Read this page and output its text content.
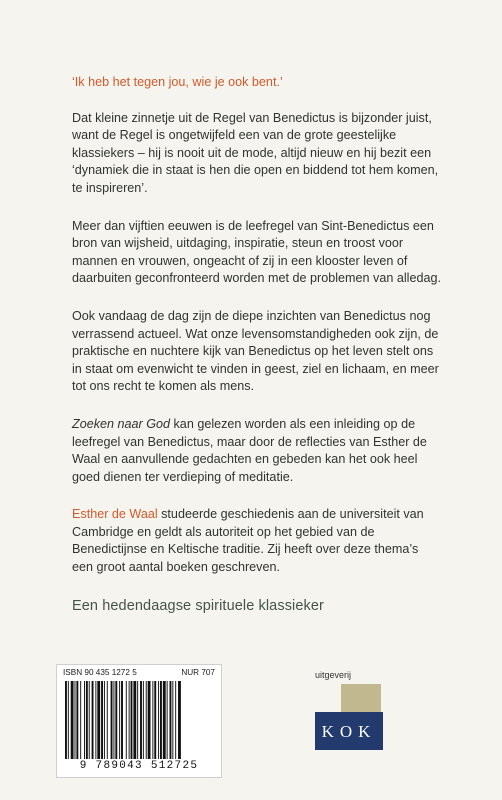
‘Ik heb het tegen jou, wie je ook bent.’

Dat kleine zinnetje uit de Regel van Benedictus is bijzonder juist, want de Regel is ongetwijfeld een van de grote geestelijke klassiekers – hij is nooit uit de mode, altijd nieuw en hij bezit een ‘dynamiek die in staat is hen die open en biddend tot hem komen, te inspireren’.

Meer dan vijftien eeuwen is de leefregel van Sint-Benedictus een bron van wijsheid, uitdaging, inspiratie, steun en troost voor mannen en vrouwen, ongeacht of zij in een klooster leven of daarbuiten geconfronteerd worden met de problemen van alledag.

Ook vandaag de dag zijn de diepe inzichten van Benedictus nog verrassend actueel. Wat onze levensomstandigheden ook zijn, de praktische en nuchtere kijk van Benedictus op het leven stelt ons in staat om evenwicht te vinden in geest, ziel en lichaam, en meer tot ons recht te komen als mens.

Zoeken naar God kan gelezen worden als een inleiding op de leefregel van Benedictus, maar door de reflecties van Esther de Waal en aanvullende gedachten en gebeden kan het ook heel goed dienen ter verdieping of meditatie.

Esther de Waal studeerde geschiedenis aan de universiteit van Cambridge en geldt als autoriteit op het gebied van de Benedictijnse en Keltische traditie. Zij heeft over deze thema’s een groot aantal boeken geschreven.

Een hedendaagse spirituele klassieker
ISBN 90 435 1272 5	NUR 707
9 789043 512725
uitgeverij
KOK
